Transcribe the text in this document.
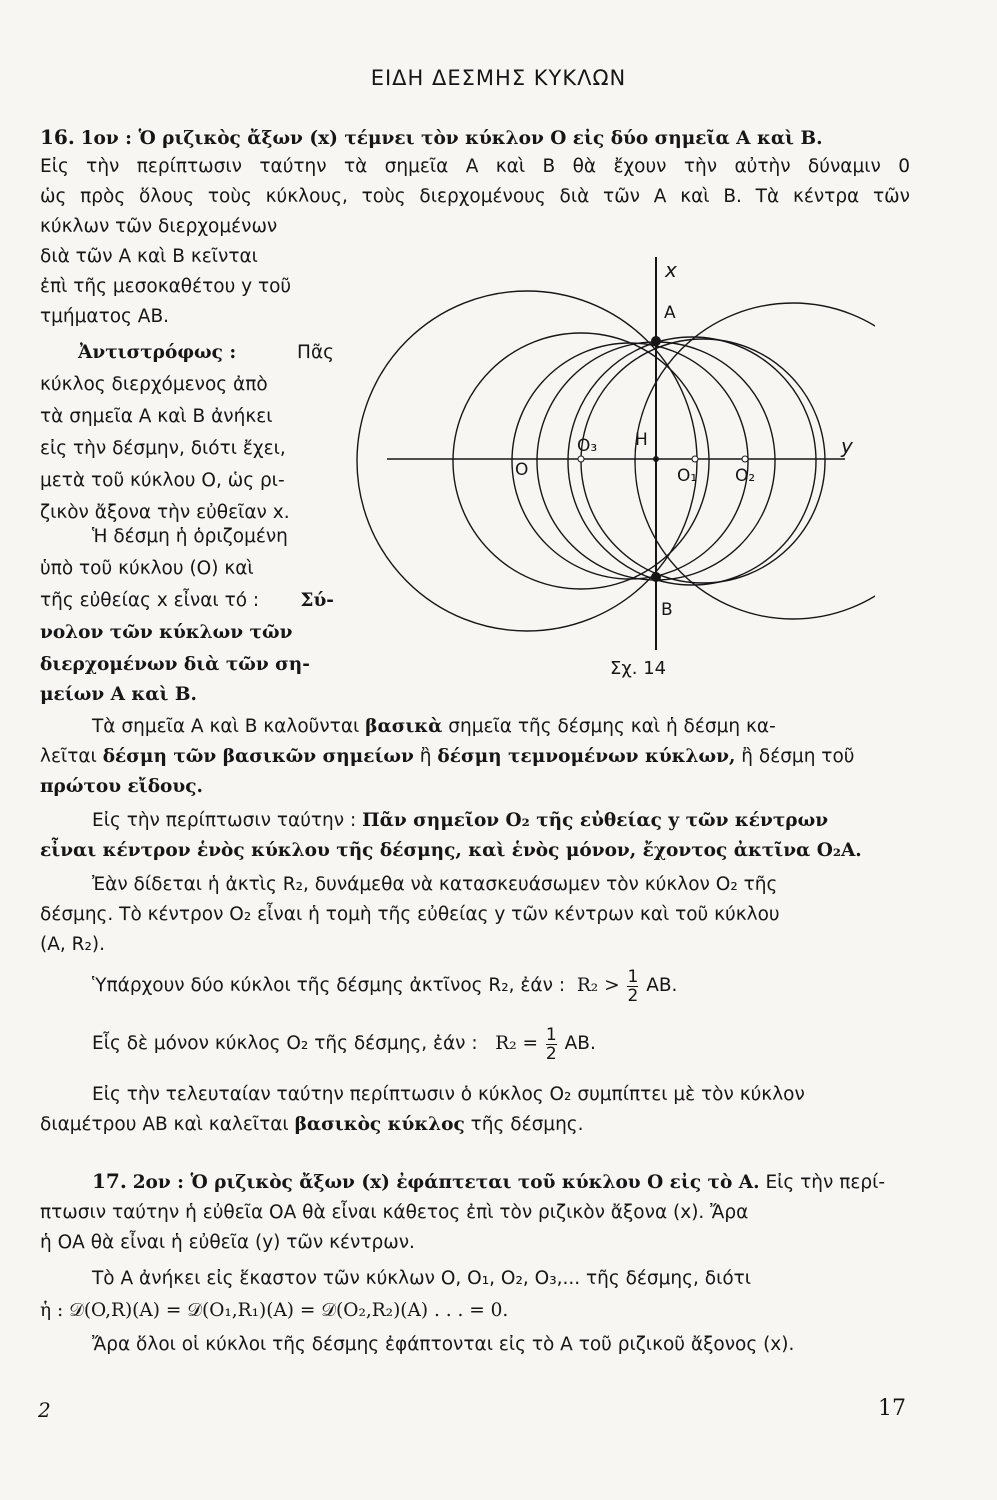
ΕΙΔΗ ΔΕΣΜΗΣ ΚΥΚΛΩΝ
16. 1ον : Ὁ ριζικὸς ἄξων (x) τέμνει τὸν κύκλον Ο εἰς δύο σημεῖα Α καὶ Β.
Εἰς τὴν περίπτωσιν ταύτην τὰ σημεῖα Α καὶ Β θὰ ἔχουν τὴν αὐτὴν δύναμιν 0
ὡς πρὸς ὅλους τοὺς κύκλους, τοὺς διερχομένους διὰ τῶν Α καὶ Β. Τὰ κέντρα τῶν
κύκλων τῶν διερχομένων
διὰ τῶν Α καὶ Β κεῖνται
ἐπὶ τῆς μεσοκαθέτου y τοῦ
τμήματος ΑΒ.
Ἀντιστρόφως :	Πᾶς
κύκλος διερχόμενος ἀπὸ
τὰ σημεῖα Α καὶ Β ἀνήκει
εἰς τὴν δέσμην, διότι ἔχει,
μετὰ τοῦ κύκλου Ο, ὡς ρι-
ζικὸν ἄξονα τὴν εὐθεῖαν x.
Ἡ δέσμη ἡ ὁριζομένη
ὑπὸ τοῦ κύκλου (Ο) καὶ
τῆς εὐθείας x εἶναι τό : Σύ-
νολον τῶν κύκλων τῶν
διερχομένων διὰ τῶν ση-
μείων Α καὶ Β.
x
A
B
H
O
O₃
O₁ O₂
y
Σχ. 14
Τὰ σημεῖα Α καὶ Β καλοῦνται βασικὰ σημεῖα τῆς δέσμης καὶ ἡ δέσμη κα-
λεῖται δέσμη τῶν βασικῶν σημείων ἢ δέσμη τεμνομένων κύκλων, ἢ δέσμη τοῦ
πρώτου εἴδους.
Εἰς τὴν περίπτωσιν ταύτην : Πᾶν σημεῖον O₂ τῆς εὐθείας y τῶν κέντρων
εἶναι κέντρον ἑνὸς κύκλου τῆς δέσμης, καὶ ἑνὸς μόνον, ἔχοντος ἀκτῖνα O₂A.
Ἐὰν δίδεται ἡ ἀκτὶς R₂, δυνάμεθα νὰ κατασκευάσωμεν τὸν κύκλον O₂ τῆς
δέσμης. Τὸ κέντρον O₂ εἶναι ἡ τομὴ τῆς εὐθείας y τῶν κέντρων καὶ τοῦ κύκλου
(A, R₂).
Ὑπάρχουν δύο κύκλοι τῆς δέσμης ἀκτῖνος R₂, ἐάν : $R_2 > \frac{1}{2}$ AB.
Εἷς δὲ μόνον κύκλος O₂ τῆς δέσμης, ἐάν : $R_2 = \frac{1}{2}$ AB.
Εἰς τὴν τελευταίαν ταύτην περίπτωσιν ὁ κύκλος O₂ συμπίπτει μὲ τὸν κύκλον
διαμέτρου ΑΒ καὶ καλεῖται βασικὸς κύκλος τῆς δέσμης.
17. 2ον : Ὁ ριζικὸς ἄξων (x) ἐφάπτεται τοῦ κύκλου Ο εἰς τὸ Α. Εἰς τὴν περί-
πτωσιν ταύτην ἡ εὐθεῖα ΟΑ θὰ εἶναι κάθετος ἐπὶ τὸν ριζικὸν ἄξονα (x). Ἄρα
ἡ ΟΑ θὰ εἶναι ἡ εὐθεῖα (y) τῶν κέντρων.
Τὸ Α ἀνήκει εἰς ἕκαστον τῶν κύκλων Ο, O₁, O₂, O₃,... τῆς δέσμης, διότι
ἡ : 𝒟(O,R)(A) = 𝒟(O₁,R₁)(A) = 𝒟(O₂,R₂)(A) . . . = 0.
Ἄρα ὅλοι οἱ κύκλοι τῆς δέσμης ἐφάπτονται εἰς τὸ Α τοῦ ριζικοῦ ἄξονος (x).
2	17
